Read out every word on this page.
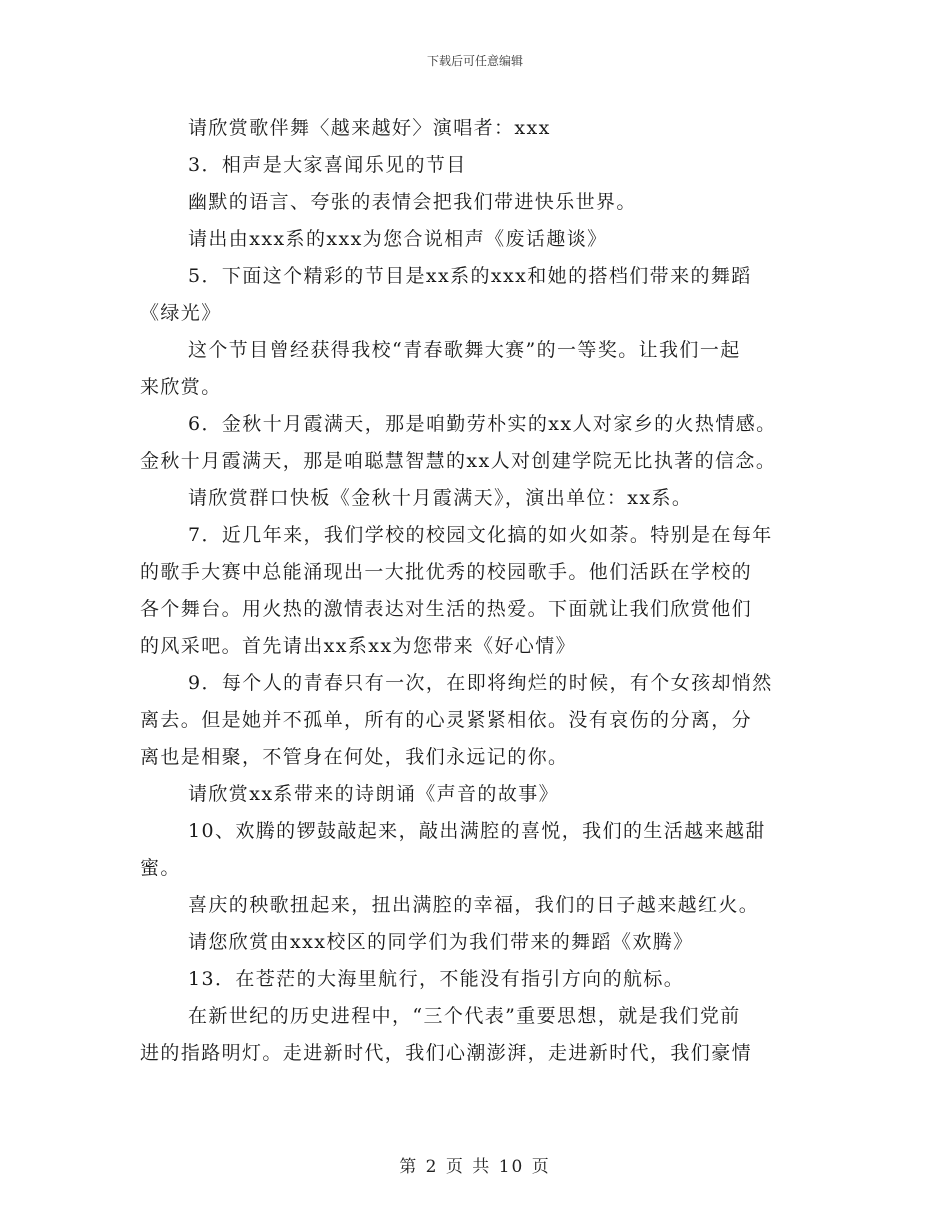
下载后可任意编辑
请欣赏歌伴舞〈越来越好〉演唱者：xxx
3．相声是大家喜闻乐见的节目
幽默的语言、夸张的表情会把我们带进快乐世界。
请出由xxx系的xxx为您合说相声《废话趣谈》
5．下面这个精彩的节目是xx系的xxx和她的搭档们带来的舞蹈
《绿光》
这个节目曾经获得我校“青春歌舞大赛”的一等奖。让我们一起
来欣赏。
6．金秋十月霞满天，那是咱勤劳朴实的xx人对家乡的火热情感。
金秋十月霞满天，那是咱聪慧智慧的xx人对创建学院无比执著的信念。
请欣赏群口快板《金秋十月霞满天》，演出单位：xx系。
7．近几年来，我们学校的校园文化搞的如火如荼。特别是在每年
的歌手大赛中总能涌现出一大批优秀的校园歌手。他们活跃在学校的
各个舞台。用火热的激情表达对生活的热爱。下面就让我们欣赏他们
的风采吧。首先请出xx系xx为您带来《好心情》
9．每个人的青春只有一次，在即将绚烂的时候，有个女孩却悄然
离去。但是她并不孤单，所有的心灵紧紧相依。没有哀伤的分离，分
离也是相聚，不管身在何处，我们永远记的你。
请欣赏xx系带来的诗朗诵《声音的故事》
10、欢腾的锣鼓敲起来，敲出满腔的喜悦，我们的生活越来越甜
蜜。
喜庆的秧歌扭起来，扭出满腔的幸福，我们的日子越来越红火。
请您欣赏由xxx校区的同学们为我们带来的舞蹈《欢腾》
13．在苍茫的大海里航行，不能没有指引方向的航标。
在新世纪的历史进程中，“三个代表”重要思想，就是我们党前
进的指路明灯。走进新时代，我们心潮澎湃，走进新时代，我们豪情
第 2 页 共 10 页
